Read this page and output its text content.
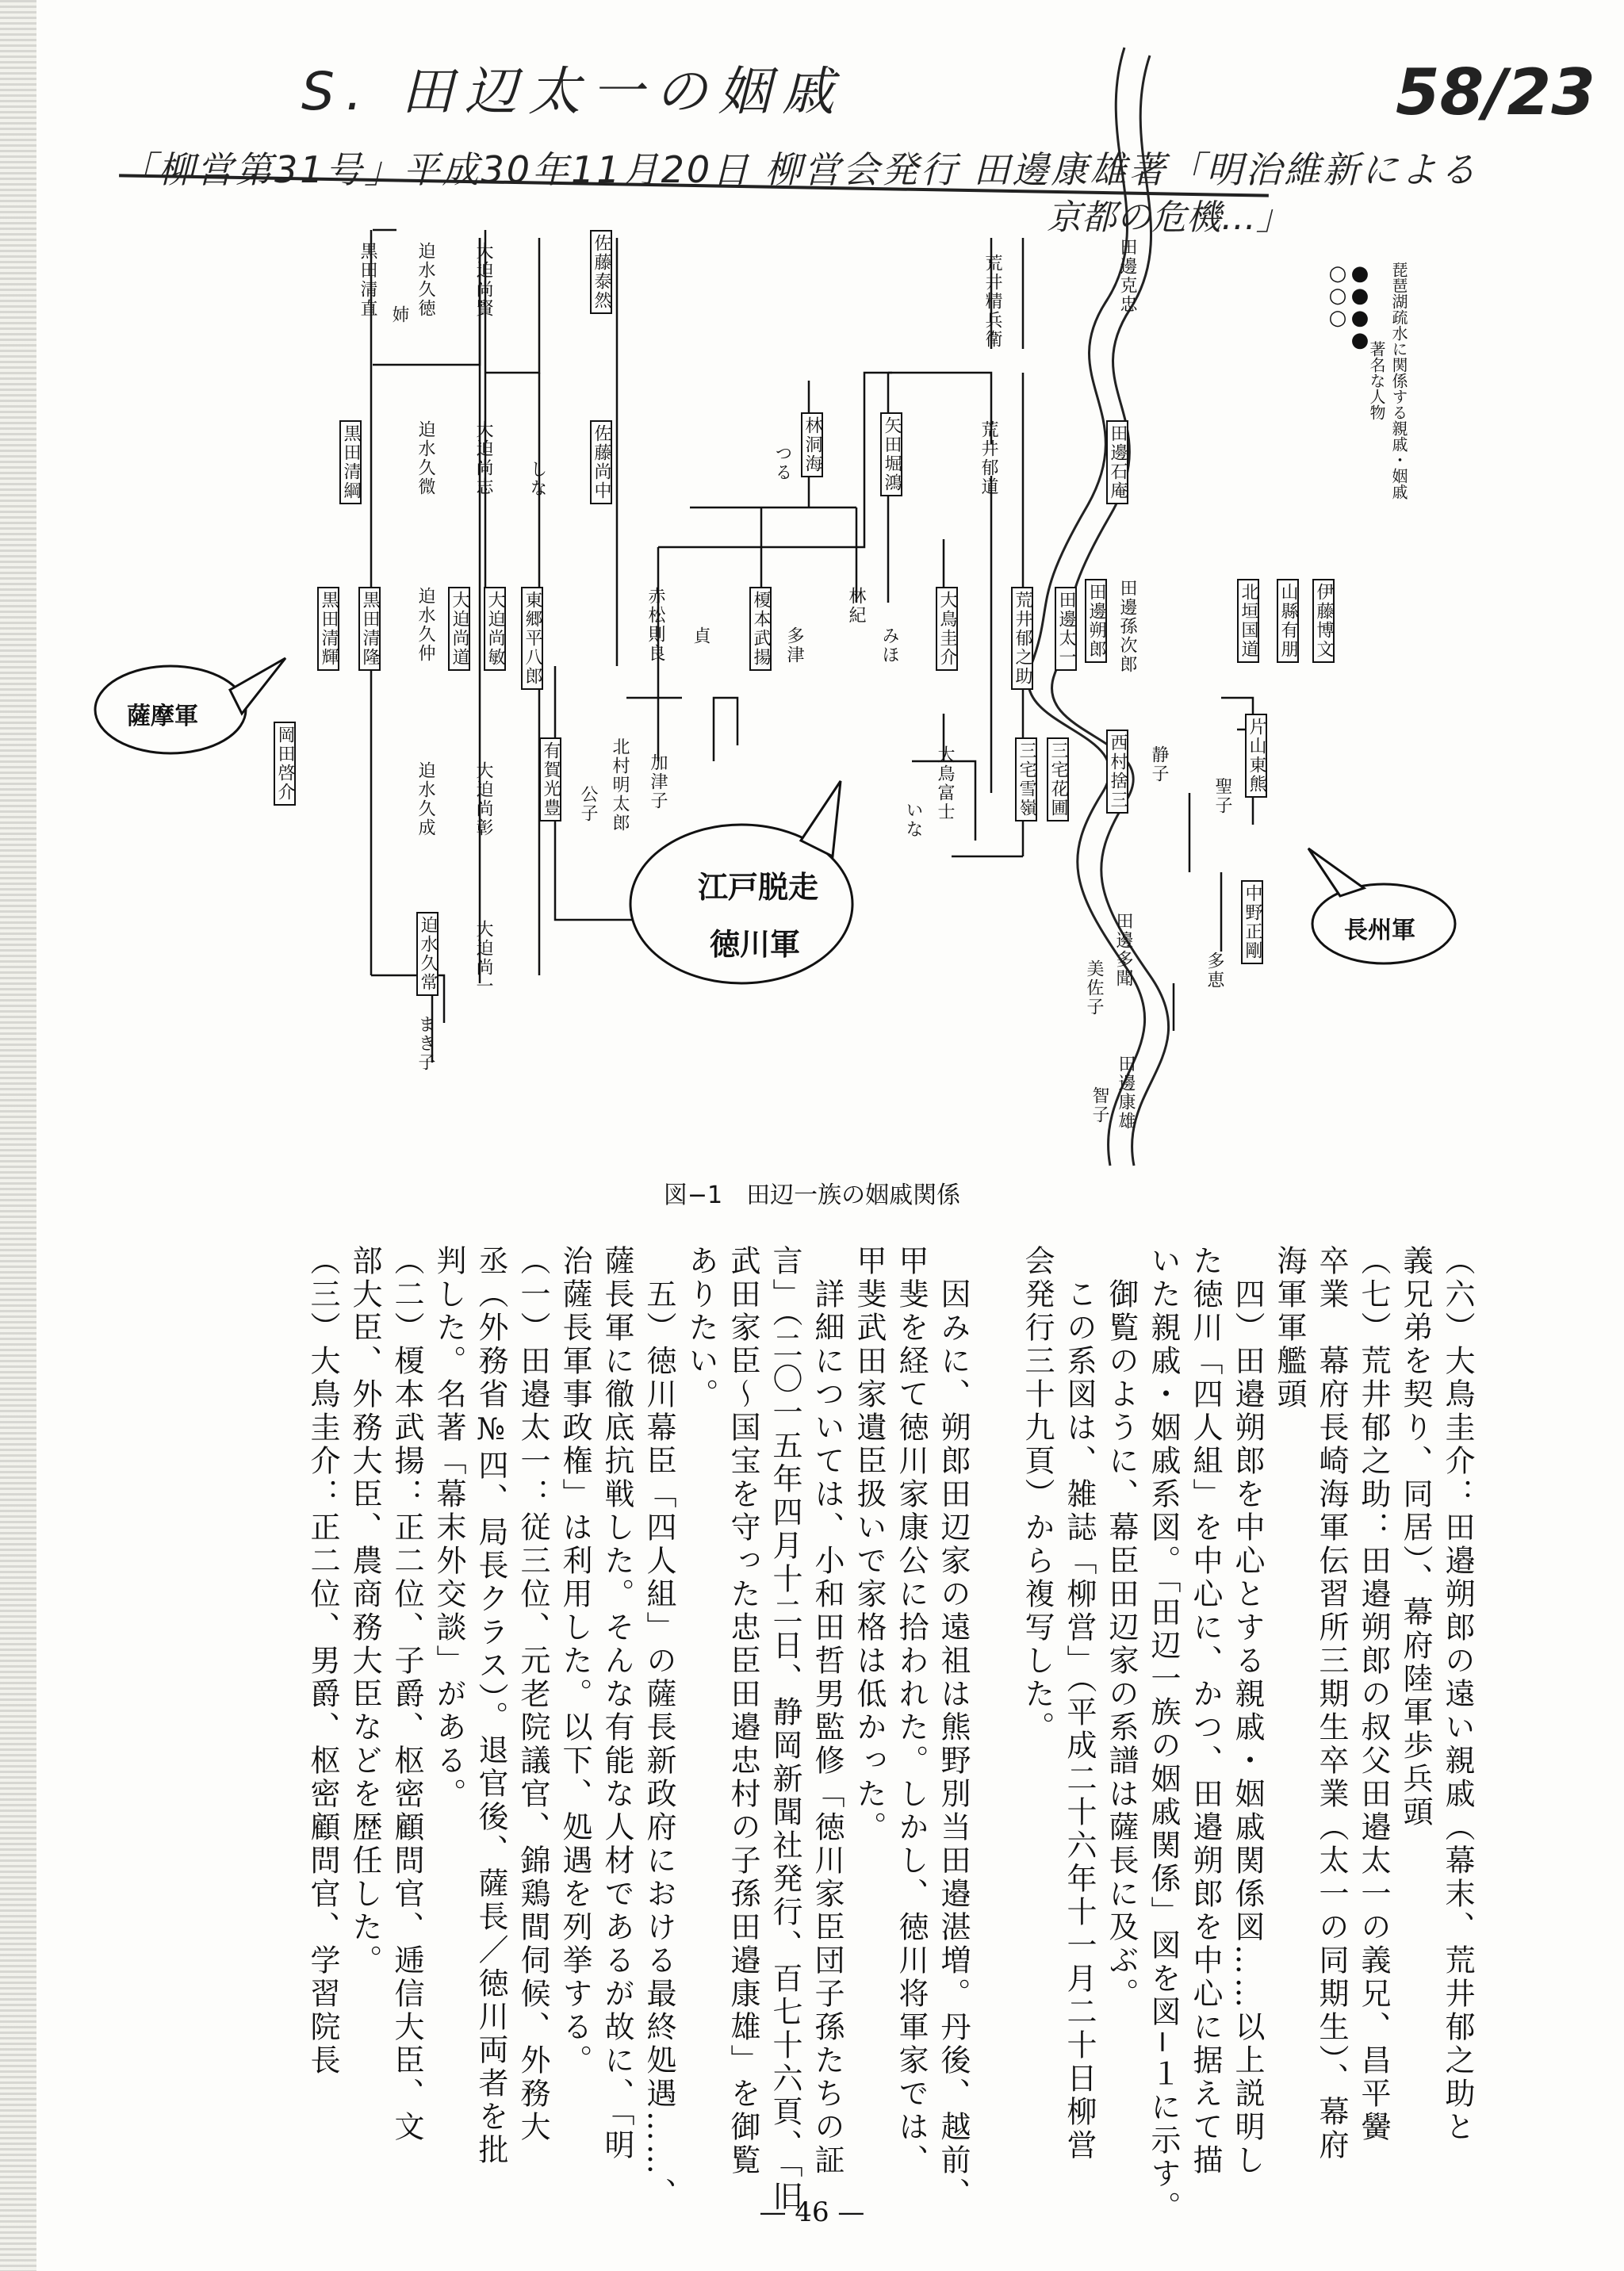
S. 田辺太一の姻戚	58/23
「柳営第31号」平成30年11月20日 柳営会発行 田邊康雄著「明治維新による
京都の危機…」
●●●● 琵琶湖疏水に関係する親戚・姻戚
○○○
著名な人物
黒田清直 姉 迫水久徳 大迫尚賢	佐藤泰然	荒井精兵衛	田邊克忠
黒田清綱	迫水久微 大迫尚志 しな	佐藤尚中	つる 林洞海	矢田堀鴻	荒井郁道	田邊石庵
黒田清輝 黒田清隆 迫水久仲 大迫尚道 大迫尚敏 東郷平八郎	赤松則良 貞 榎本武揚 多津
林紀
みほ 大鳥圭介	荒井郁之助 田邊太一 田邊朔郎 田邊孫次郎	北垣国道 山縣有朋 伊藤博文
迫水久成 大迫尚彰
岡田啓介	有賀光豊 公子 北村明太郎 加津子	大鳥富士
いな
三宅雪嶺 三宅花圃 西村捨三 静子	片山東熊
聖子
迫水久常
まき子
大迫尚一	田邊多聞
美佐子
中野正剛
多恵
田邊康雄
智子
薩摩軍
江戸脱走
徳川軍	長州軍
図−1　田辺一族の姻戚関係
（六）大鳥圭介：田邉朔郎の遠い親戚（幕末、荒井郁之助と
義兄弟を契り、同居）、幕府陸軍歩兵頭
（七）荒井郁之助：田邉朔郎の叔父田邉太一の義兄、昌平黌
卒業　幕府長崎海軍伝習所三期生卒業（太一の同期生）、幕府
海軍軍艦頭
　四）田邉朔郎を中心とする親戚・姻戚関係図……以上説明し
た徳川「四人組」を中心に、かつ、田邉朔郎を中心に据えて描
いた親戚・姻戚系図。「田辺一族の姻戚関係」図を図−１に示す。
　御覧のように、幕臣田辺家の系譜は薩長に及ぶ。
　この系図は、雑誌「柳営」（平成二十六年十一月二十日柳営
会発行三十九頁）から複写した。
　因みに、朔郎田辺家の遠祖は熊野別当田邉湛増。丹後、越前、
甲斐を経て徳川家康公に拾われた。しかし、徳川将軍家では、
甲斐武田家遺臣扱いで家格は低かった。
　詳細については、小和田哲男監修「徳川家臣団子孫たちの証
言」（二〇一五年四月十二日、静岡新聞社発行、百七十六頁、「旧
武田家臣〜国宝を守った忠臣田邉忠村の子孫田邉康雄」を御覧
ありたい。
　五）徳川幕臣「四人組」の薩長新政府における最終処遇……、
薩長軍に徹底抗戦した。そんな有能な人材であるが故に、「明
治薩長軍事政権」は利用した。以下、処遇を列挙する。
（一）田邉太一：従三位、元老院議官、錦鶏間伺候、外務大
丞（外務省№四、局長クラス）。退官後、薩長／徳川両者を批
判した。名著「幕末外交談」がある。
（二）榎本武揚：正二位、子爵、枢密顧問官、逓信大臣、文
部大臣、外務大臣、農商務大臣などを歴任した。
（三）大鳥圭介：正二位、男爵、枢密顧問官、学習院長
— 46 —
